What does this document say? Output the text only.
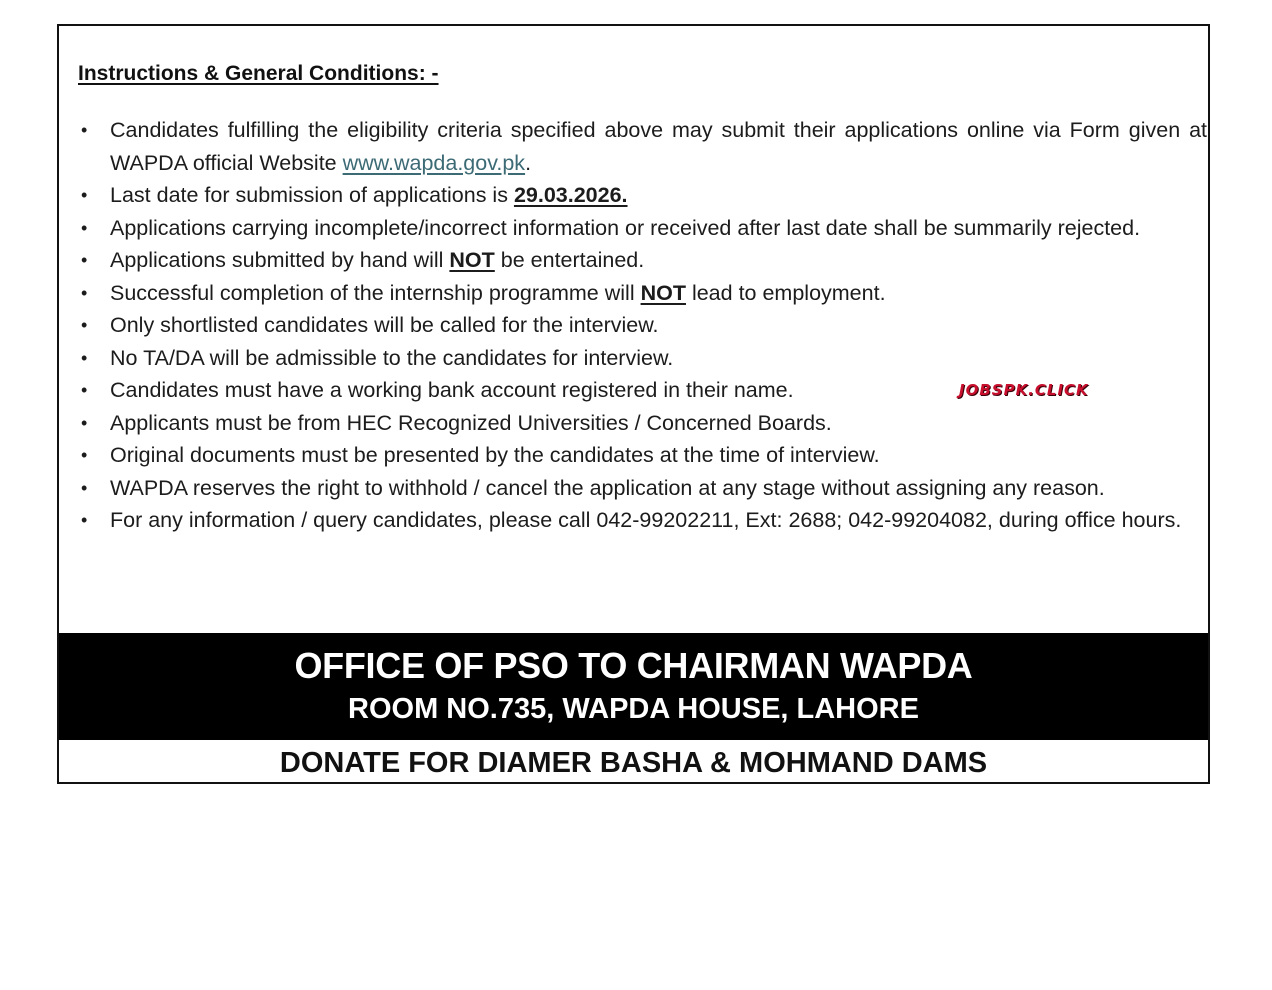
Instructions & General Conditions: -
• Candidates fulfilling the eligibility criteria specified above may submit their applications online via Form given at WAPDA official Website www.wapda.gov.pk.
• Last date for submission of applications is 29.03.2026.
• Applications carrying incomplete/incorrect information or received after last date shall be summarily rejected.
• Applications submitted by hand will NOT be entertained.
• Successful completion of the internship programme will NOT lead to employment.
• Only shortlisted candidates will be called for the interview.
• No TA/DA will be admissible to the candidates for interview.
• Candidates must have a working bank account registered in their name.
• Applicants must be from HEC Recognized Universities / Concerned Boards.
• Original documents must be presented by the candidates at the time of interview.
• WAPDA reserves the right to withhold / cancel the application at any stage without assigning any reason.
• For any information / query candidates, please call 042-99202211, Ext: 2688; 042-99204082, during office hours.
JOBSPK.CLICK
OFFICE OF PSO TO CHAIRMAN WAPDA
ROOM NO.735, WAPDA HOUSE, LAHORE
DONATE FOR DIAMER BASHA & MOHMAND DAMS
